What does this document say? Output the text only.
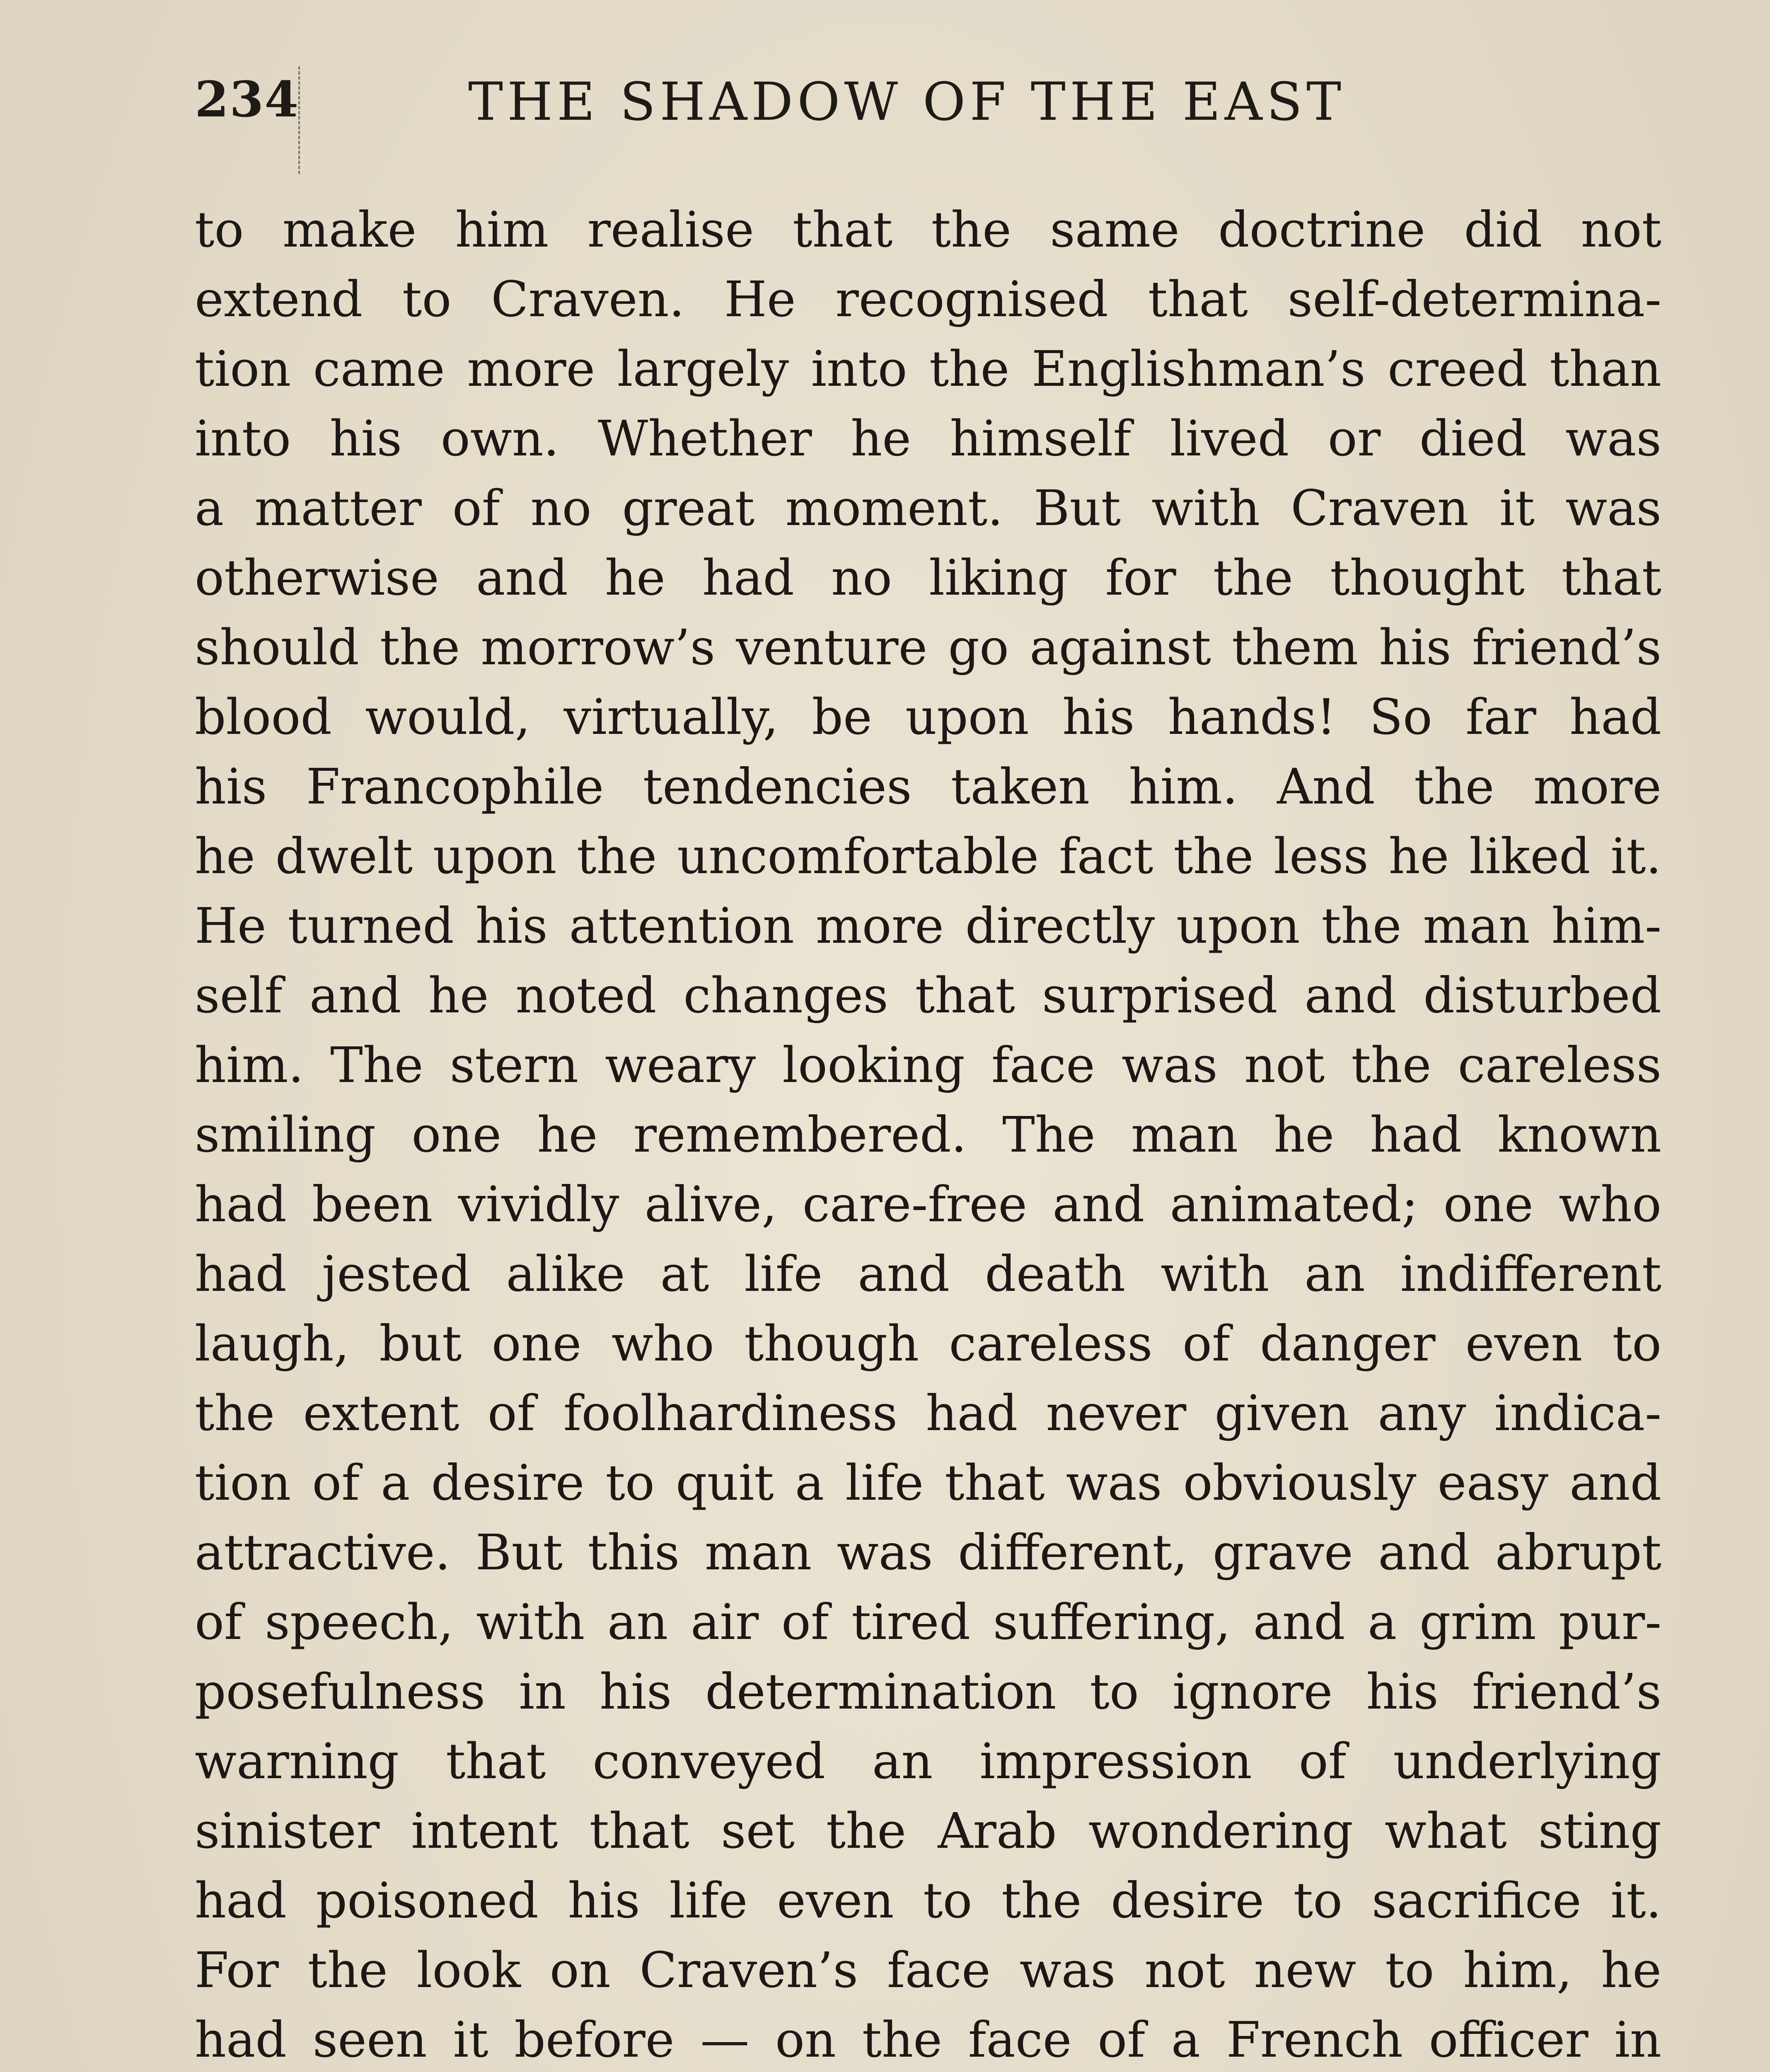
234	THE SHADOW OF THE EAST
to make him realise that the same doctrine did not
extend to Craven. He recognised that self-determina-
tion came more largely into the Englishman’s creed than
into his own. Whether he himself lived or died was
a matter of no great moment. But with Craven it was
otherwise and he had no liking for the thought that
should the morrow’s venture go against them his friend’s
blood would, virtually, be upon his hands! So far had
his Francophile tendencies taken him. And the more
he dwelt upon the uncomfortable fact the less he liked it.
He turned his attention more directly upon the man him-
self and he noted changes that surprised and disturbed
him. The stern weary looking face was not the careless
smiling one he remembered. The man he had known
had been vividly alive, care-free and animated; one who
had jested alike at life and death with an indifferent
laugh, but one who though careless of danger even to
the extent of foolhardiness had never given any indica-
tion of a desire to quit a life that was obviously easy and
attractive. But this man was different, grave and abrupt
of speech, with an air of tired suffering, and a grim pur-
posefulness in his determination to ignore his friend’s
warning that conveyed an impression of underlying
sinister intent that set the Arab wondering what sting
had poisoned his life even to the desire to sacrifice it.
For the look on Craven’s face was not new to him, he
had seen it before — on the face of a French officer in
